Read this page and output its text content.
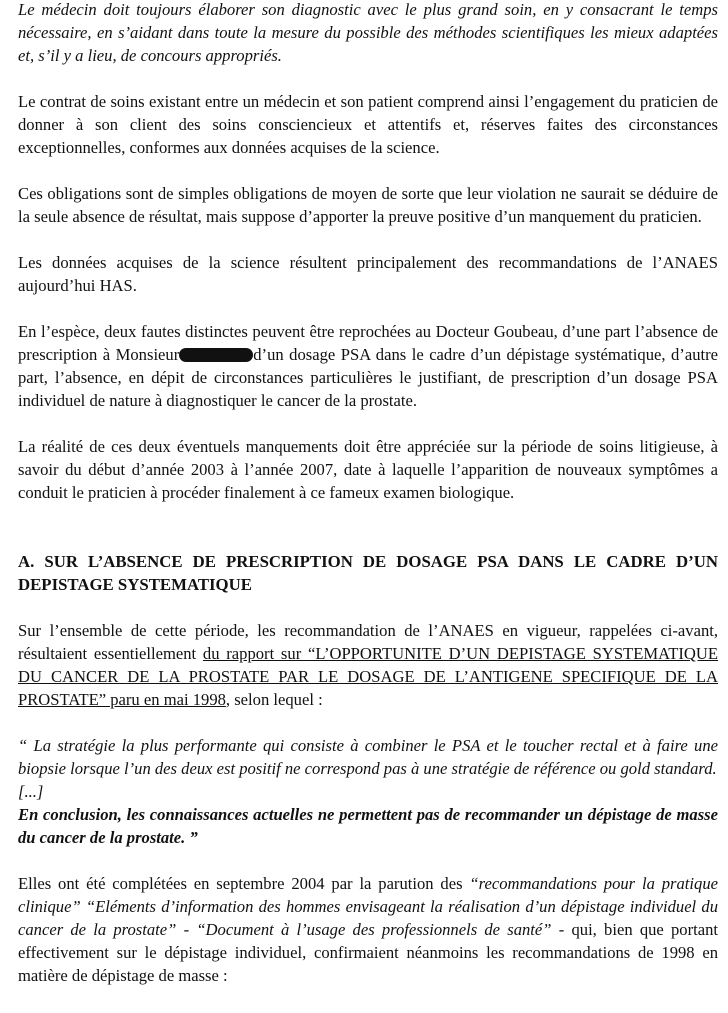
Le médecin doit toujours élaborer son diagnostic avec le plus grand soin, en y consacrant le temps nécessaire, en s’aidant dans toute la mesure du possible des méthodes scientifiques les mieux adaptées et, s’il y a lieu, de concours appropriés.

Le contrat de soins existant entre un médecin et son patient comprend ainsi l’engagement du praticien de donner à son client des soins consciencieux et attentifs et, réserves faites des circonstances exceptionnelles, conformes aux données acquises de la science.

Ces obligations sont de simples obligations de moyen de sorte que leur violation ne saurait se déduire de la seule absence de résultat, mais suppose d’apporter la preuve positive d’un manquement du praticien.

Les données acquises de la science résultent principalement des recommandations de l’ANAES aujourd’hui HAS.

En l’espèce, deux fautes distinctes peuvent être reprochées au Docteur Goubeau, d’une part l’absence de prescription à Monsieur	d’un dosage PSA dans le cadre d’un dépistage systématique, d’autre part, l’absence, en dépit de circonstances particulières le justifiant, de prescription d’un dosage PSA individuel de nature à diagnostiquer le cancer de la prostate.

La réalité de ces deux éventuels manquements doit être appréciée sur la période de soins litigieuse, à savoir du début d’année 2003 à l’année 2007, date à laquelle l’apparition de nouveaux symptômes a conduit le praticien à procéder finalement à ce fameux examen biologique.

A. SUR L’ABSENCE DE PRESCRIPTION DE DOSAGE PSA DANS LE CADRE D’UN DEPISTAGE SYSTEMATIQUE

Sur l’ensemble de cette période, les recommandation de l’ANAES en vigueur, rappelées ci-avant, résultaient essentiellement du rapport sur “L’OPPORTUNITE D’UN DEPISTAGE SYSTEMATIQUE DU CANCER DE LA PROSTATE PAR LE DOSAGE DE L’ANTIGENE SPECIFIQUE DE LA PROSTATE” paru en mai 1998, selon lequel :

“ La stratégie la plus performante qui consiste à combiner le PSA et le toucher rectal et à faire une biopsie lorsque l’un des deux est positif ne correspond pas à une stratégie de référence ou gold standard.

[...]

En conclusion, les connaissances actuelles ne permettent pas de recommander un dépistage de masse du cancer de la prostate. ”

Elles ont été complétées en septembre 2004 par la parution des “recommandations pour la pratique clinique” “Eléments d’information des hommes envisageant la réalisation d’un dépistage individuel du cancer de la prostate” - “Document à l’usage des professionnels de santé” - qui, bien que portant effectivement sur le dépistage individuel, confirmaient néanmoins les recommandations de 1998 en matière de dépistage de masse :
